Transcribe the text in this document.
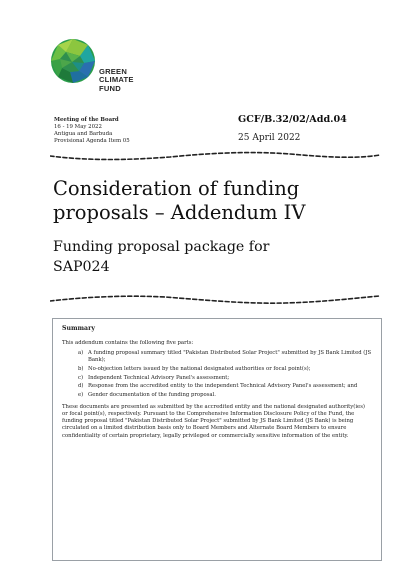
GREEN
CLIMATE
FUND
Meeting of the Board
16 - 19 May 2022
Antigua and Barbuda
Provisional Agenda Item 05
GCF/B.32/02/Add.04
25 April 2022
Consideration of funding
proposals – Addendum IV
Funding proposal package for
SAP024
Summary
This addendum contains the following five parts:
a) A funding proposal summary titled "Pakistan Distributed Solar Project" submitted by JS Bank Limited (JS Bank);
b) No-objection letters issued by the national designated authorities or focal point(s);
c) Independent Technical Advisory Panel's assessment;
d) Response from the accredited entity to the independent Technical Advisory Panel's assessment; and
e) Gender documentation of the funding proposal.
These documents are presented as submitted by the accredited entity and the national designated authority(ies) or focal point(s), respectively. Pursuant to the Comprehensive Information Disclosure Policy of the Fund, the funding proposal titled "Pakistan Distributed Solar Project" submitted by JS Bank Limited (JS Bank) is being circulated on a limited distribution basis only to Board Members and Alternate Board Members to ensure confidentiality of certain proprietary, legally privileged or commercially sensitive information of the entity.
